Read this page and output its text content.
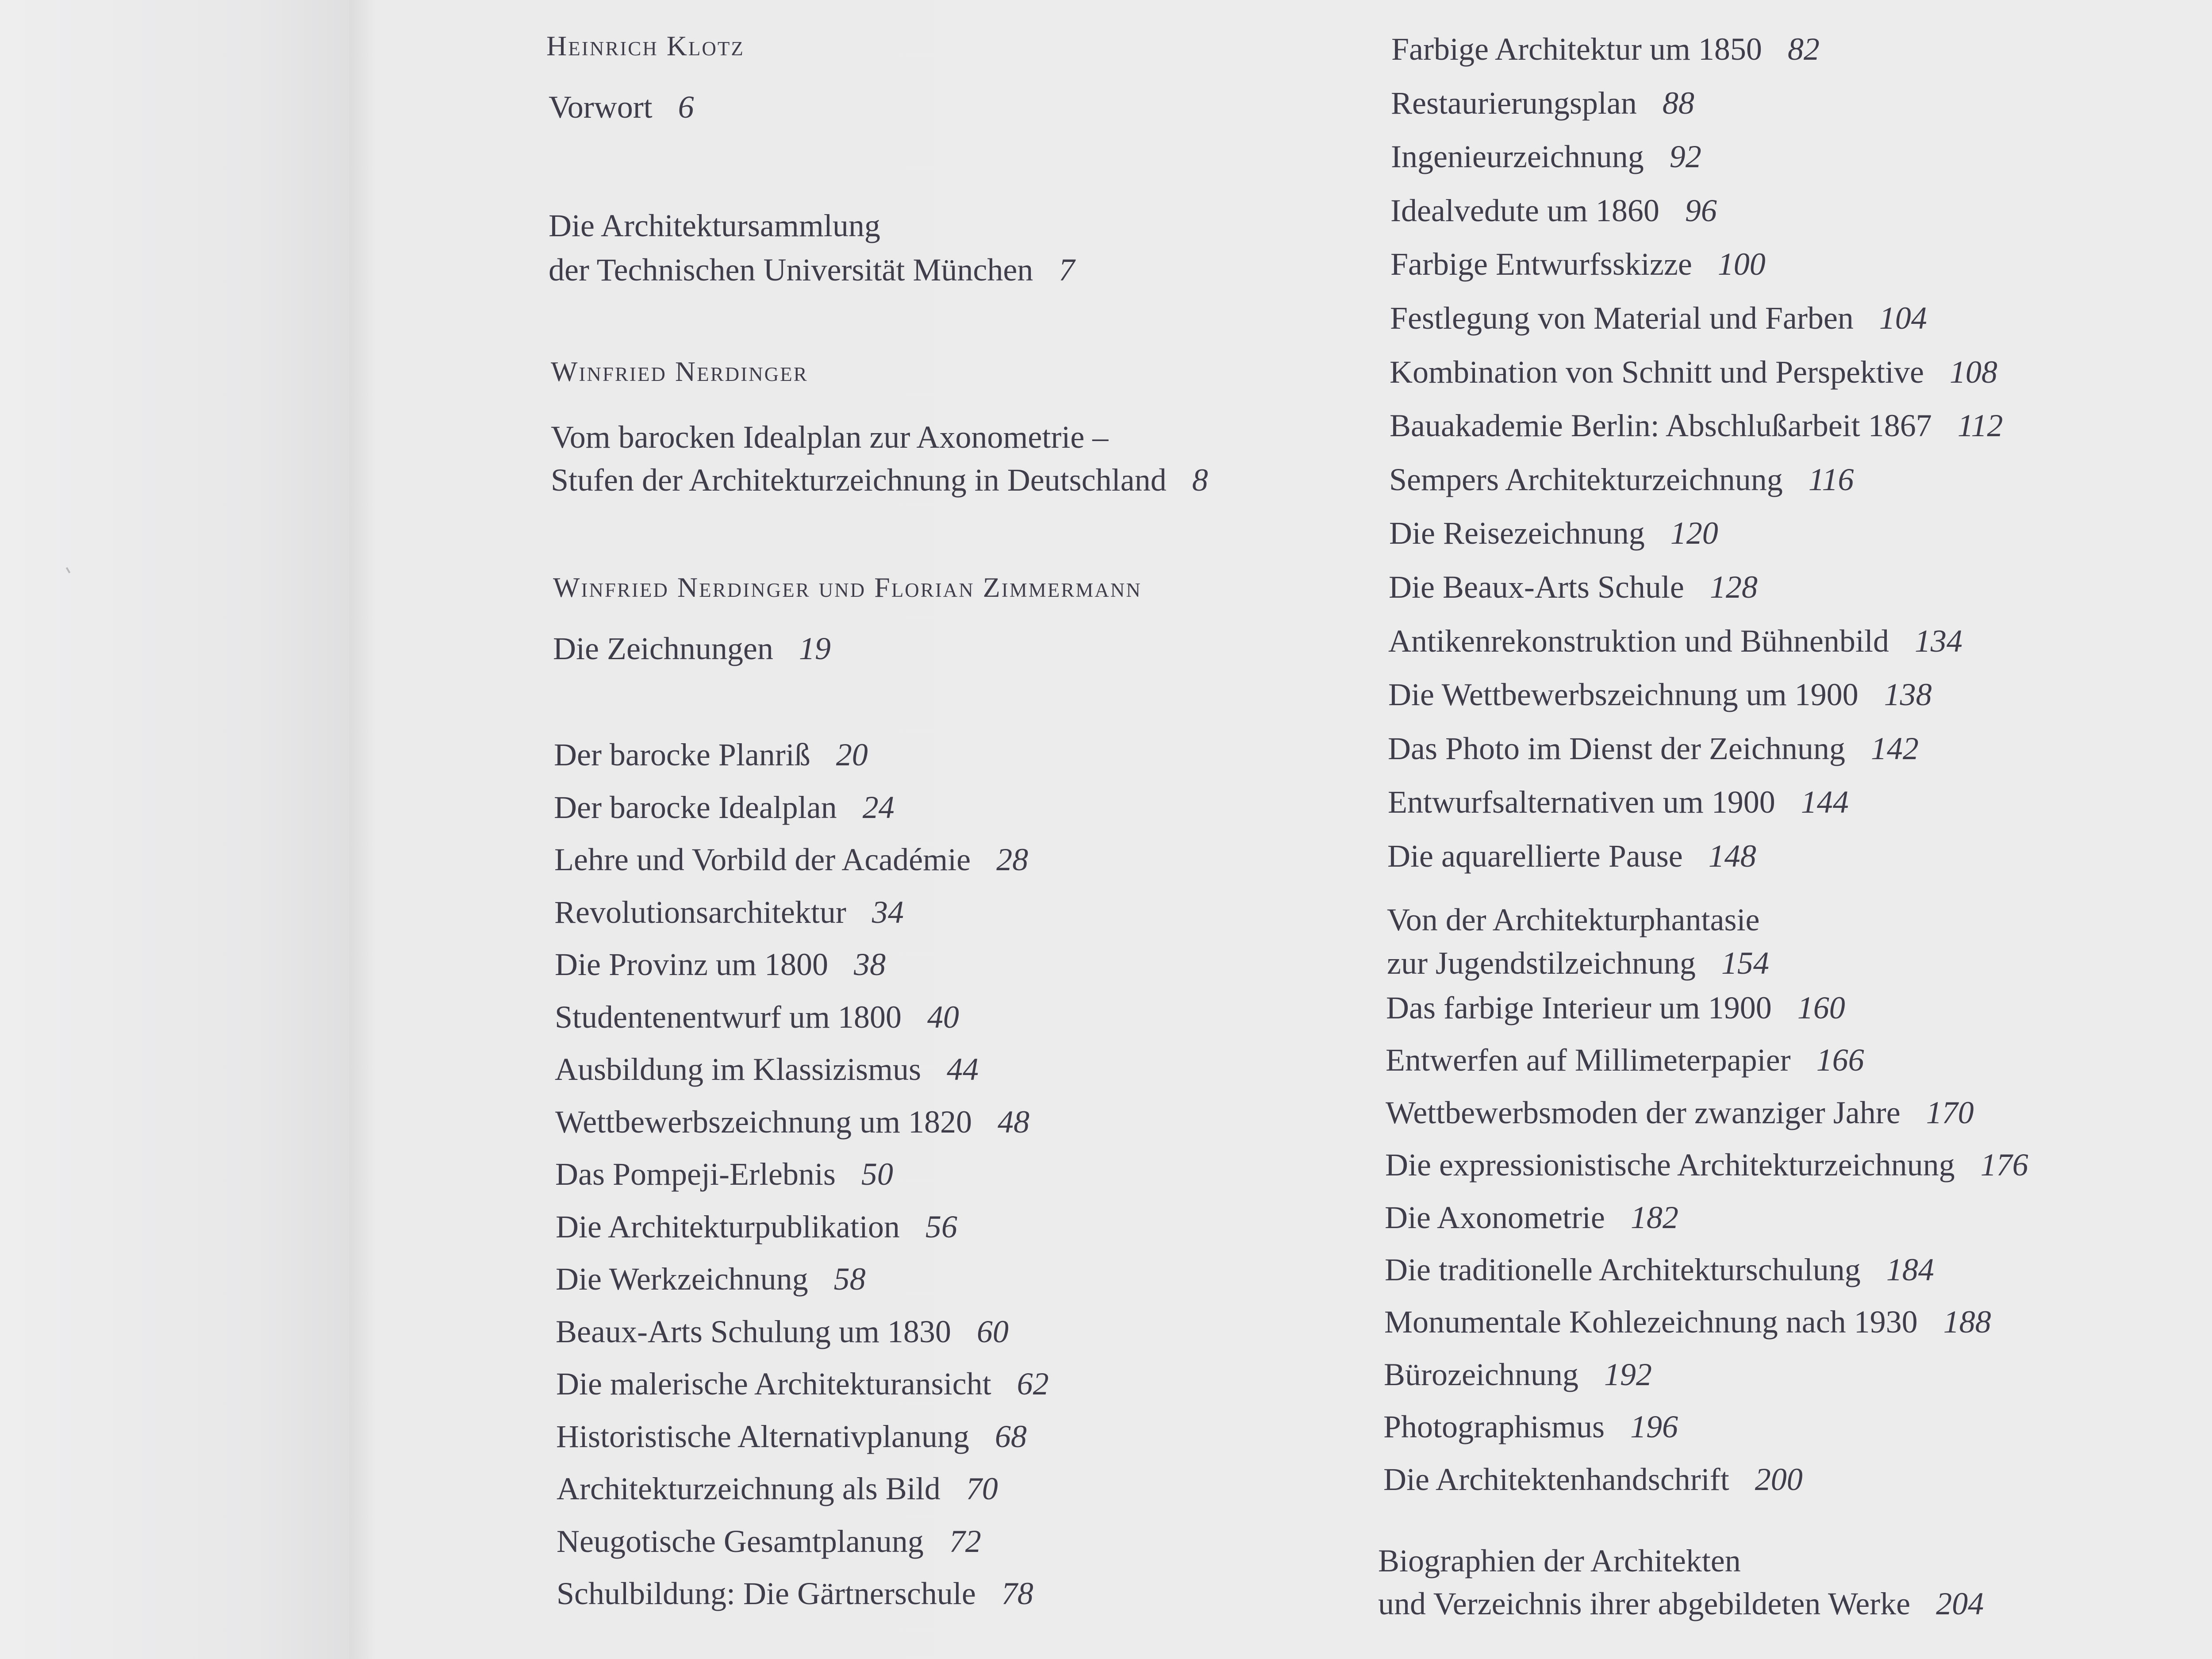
Heinrich Klotz
Vorwort 6
Die Architektursammlung
der Technischen Universität München 7
Winfried Nerdinger
Vom barocken Idealplan zur Axonometrie –
Stufen der Architekturzeichnung in Deutschland 8
Winfried Nerdinger und Florian Zimmermann
Die Zeichnungen 19
Der barocke Planriß 20
Der barocke Idealplan 24
Lehre und Vorbild der Académie 28
Revolutionsarchitektur 34
Die Provinz um 1800 38
Studentenentwurf um 1800 40
Ausbildung im Klassizismus 44
Wettbewerbszeichnung um 1820 48
Das Pompeji-Erlebnis 50
Die Architekturpublikation 56
Die Werkzeichnung 58
Beaux-Arts Schulung um 1830 60
Die malerische Architekturansicht 62
Historistische Alternativplanung 68
Architekturzeichnung als Bild 70
Neugotische Gesamtplanung 72
Schulbildung: Die Gärtnerschule 78
Farbige Architektur um 1850 82
Restaurierungsplan 88
Ingenieurzeichnung 92
Idealvedute um 1860 96
Farbige Entwurfsskizze 100
Festlegung von Material und Farben 104
Kombination von Schnitt und Perspektive 108
Bauakademie Berlin: Abschlußarbeit 1867 112
Sempers Architekturzeichnung 116
Die Reisezeichnung 120
Die Beaux-Arts Schule 128
Antikenrekonstruktion und Bühnenbild 134
Die Wettbewerbszeichnung um 1900 138
Das Photo im Dienst der Zeichnung 142
Entwurfsalternativen um 1900 144
Die aquarellierte Pause 148
Von der Architekturphantasie
zur Jugendstilzeichnung 154
Das farbige Interieur um 1900 160
Entwerfen auf Millimeterpapier 166
Wettbewerbsmoden der zwanziger Jahre 170
Die expressionistische Architekturzeichnung 176
Die Axonometrie 182
Die traditionelle Architekturschulung 184
Monumentale Kohlezeichnung nach 1930 188
Bürozeichnung 192
Photographismus 196
Die Architektenhandschrift 200
Biographien der Architekten
und Verzeichnis ihrer abgebildeten Werke 204
